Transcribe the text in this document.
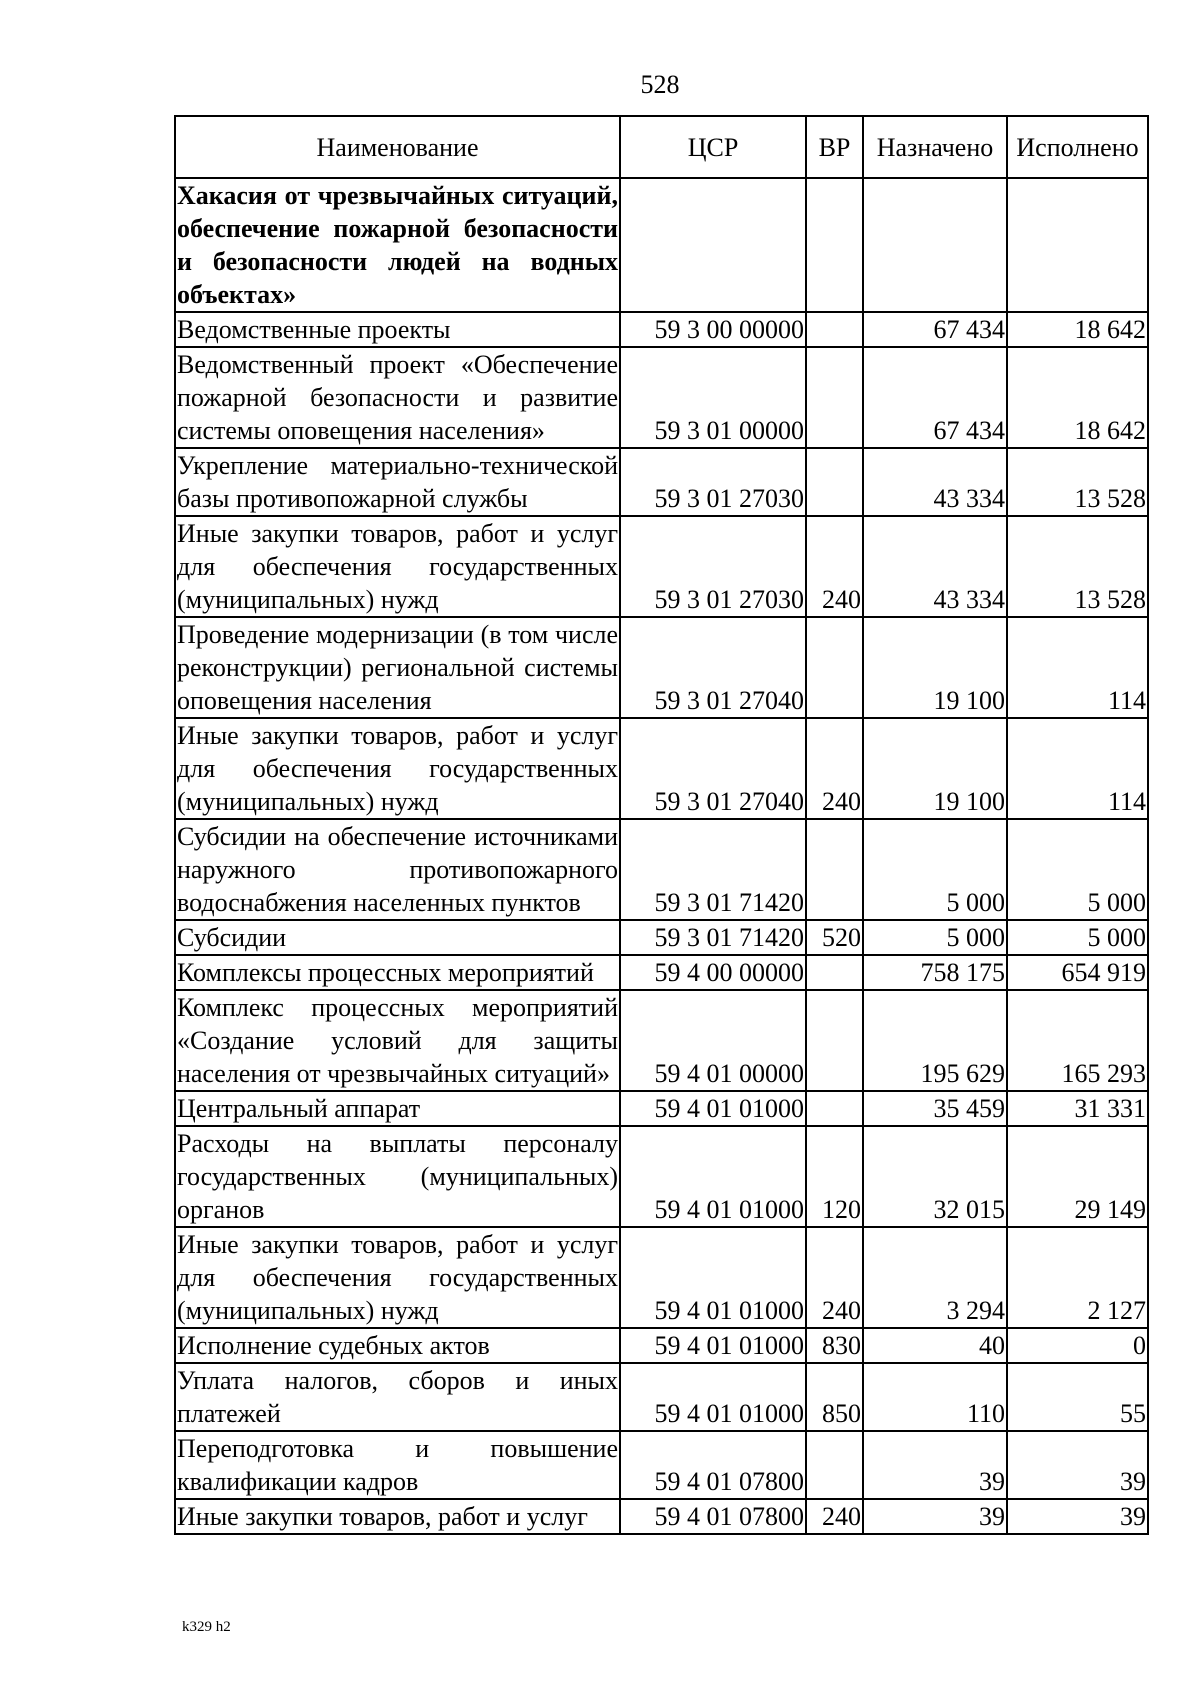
528
Наименование	ЦСР	ВР	Назначено	Исполнено
Хакасия от чрезвычайных ситуаций, обеспечение пожарной безопасности и безопасности людей на водных объектах»				
Ведомственные проекты	59 3 00 00000		67 434	18 642
Ведомственный проект «Обеспечение пожарной безопасности и развитие системы оповещения населения»	59 3 01 00000		67 434	18 642
Укрепление материально-технической базы противопожарной службы	59 3 01 27030		43 334	13 528
Иные закупки товаров, работ и услуг для обеспечения государственных (муниципальных) нужд	59 3 01 27030	240	43 334	13 528
Проведение модернизации (в том числе реконструкции) региональной системы оповещения населения	59 3 01 27040		19 100	114
Иные закупки товаров, работ и услуг для обеспечения государственных (муниципальных) нужд	59 3 01 27040	240	19 100	114
Субсидии на обеспечение источниками наружного противопожарного водоснабжения населенных пунктов	59 3 01 71420		5 000	5 000
Субсидии	59 3 01 71420	520	5 000	5 000
Комплексы процессных мероприятий	59 4 00 00000		758 175	654 919
Комплекс процессных мероприятий «Создание условий для защиты населения от чрезвычайных ситуаций»	59 4 01 00000		195 629	165 293
Центральный аппарат	59 4 01 01000		35 459	31 331
Расходы на выплаты персоналу государственных (муниципальных) органов	59 4 01 01000	120	32 015	29 149
Иные закупки товаров, работ и услуг для обеспечения государственных (муниципальных) нужд	59 4 01 01000	240	3 294	2 127
Исполнение судебных актов	59 4 01 01000	830	40	0
Уплата налогов, сборов и иных платежей	59 4 01 01000	850	110	55
Переподготовка и повышение квалификации кадров	59 4 01 07800		39	39
Иные закупки товаров, работ и услуг	59 4 01 07800	240	39	39
k329 h2
